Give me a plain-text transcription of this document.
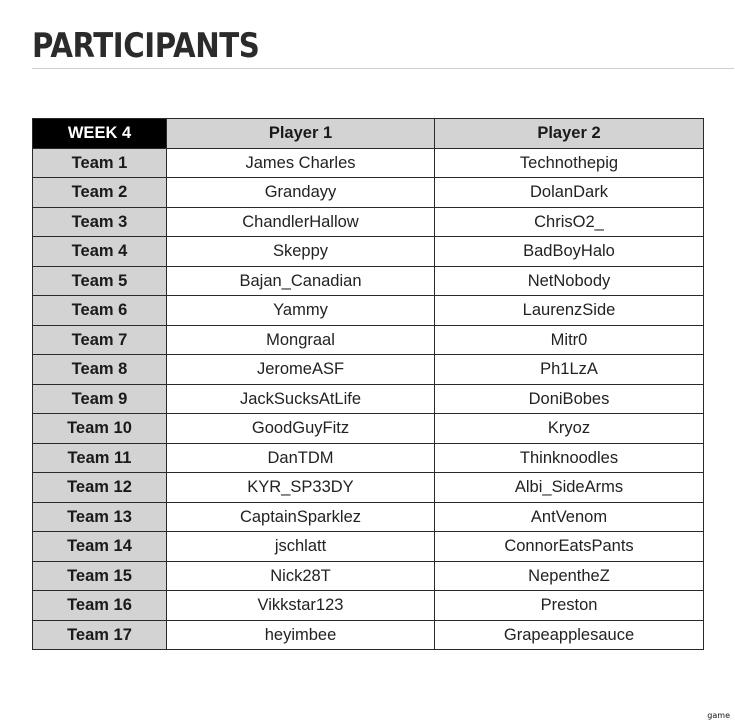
PARTICIPANTS
WEEK 4	Player 1	Player 2
Team 1	James Charles	Technothepig
Team 2	Grandayy	DolanDark
Team 3	ChandlerHallow	ChrisO2_
Team 4	Skeppy	BadBoyHalo
Team 5	Bajan_Canadian	NetNobody
Team 6	Yammy	LaurenzSide
Team 7	Mongraal	Mitr0
Team 8	JeromeASF	Ph1LzA
Team 9	JackSucksAtLife	DoniBobes
Team 10	GoodGuyFitz	Kryoz
Team 11	DanTDM	Thinknoodles
Team 12	KYR_SP33DY	Albi_SideArms
Team 13	CaptainSparklez	AntVenom
Team 14	jschlatt	ConnorEatsPants
Team 15	Nick28T	NepentheZ
Team 16	Vikkstar123	Preston
Team 17	heyimbee	Grapeapplesauce
game
